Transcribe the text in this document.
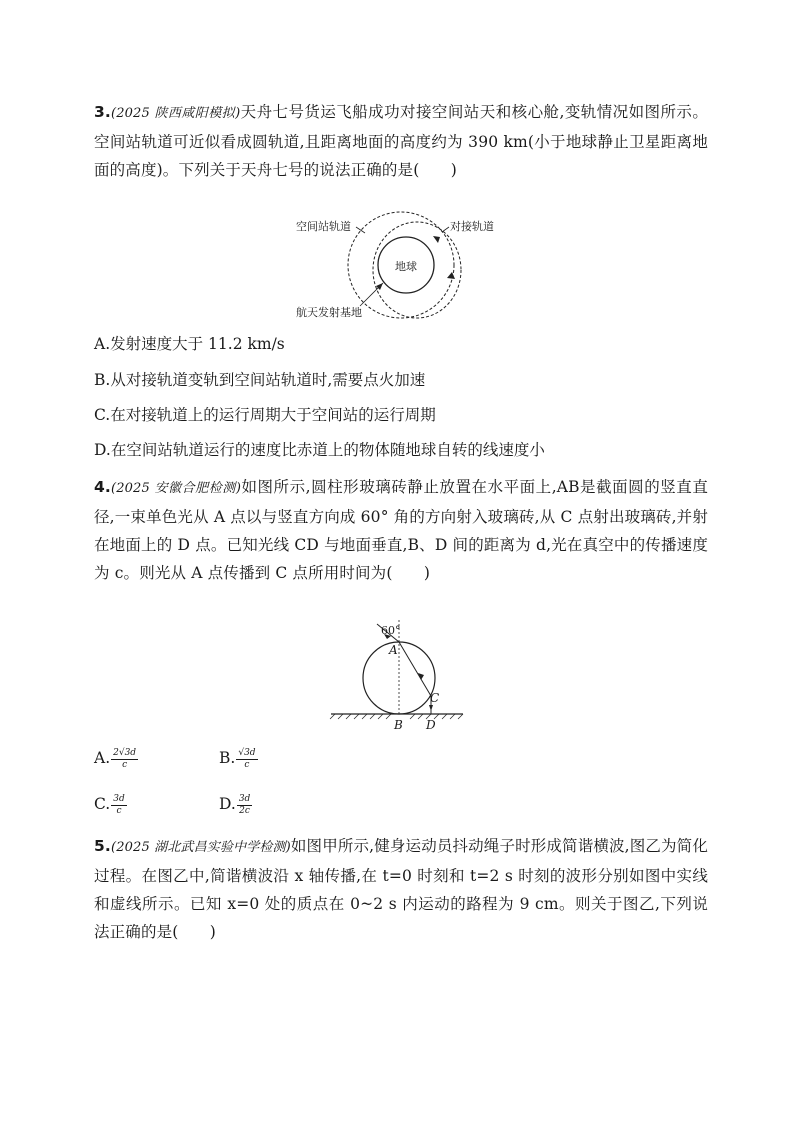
3.(2025 陕西咸阳模拟)天舟七号货运飞船成功对接空间站天和核心舱,变轨情况如图所示。空间站轨道可近似看成圆轨道,且距离地面的高度约为 390 km(小于地球静止卫星距离地面的高度)。下列关于天舟七号的说法正确的是(　　)
地球
空间站轨道	对接轨道
航天发射基地
A.发射速度大于 11.2 km/s
B.从对接轨道变轨到空间站轨道时,需要点火加速
C.在对接轨道上的运行周期大于空间站的运行周期
D.在空间站轨道运行的速度比赤道上的物体随地球自转的线速度小
4.(2025 安徽合肥检测)如图所示,圆柱形玻璃砖静止放置在水平面上,AB是截面圆的竖直直径,一束单色光从 A 点以与竖直方向成 60° 角的方向射入玻璃砖,从 C 点射出玻璃砖,并射在地面上的 D 点。已知光线 CD 与地面垂直,B、D 间的距离为 d,光在真空中的传播速度为 c。则光从 A 点传播到 C 点所用时间为(　　)
60°
A
B
C
D
A. $\frac{2√3d}{c}$	B. $\frac{√3d}{c}$
C. $\frac{3d}{c}$	D. $\frac{3d}{2c}$
5.(2025 湖北武昌实验中学检测)如图甲所示,健身运动员抖动绳子时形成简谐横波,图乙为简化过程。在图乙中,简谐横波沿 x 轴传播,在 t=0 时刻和 t=2 s 时刻的波形分别如图中实线和虚线所示。已知 x=0 处的质点在 0~2 s 内运动的路程为 9 cm。则关于图乙,下列说法正确的是(　　)
